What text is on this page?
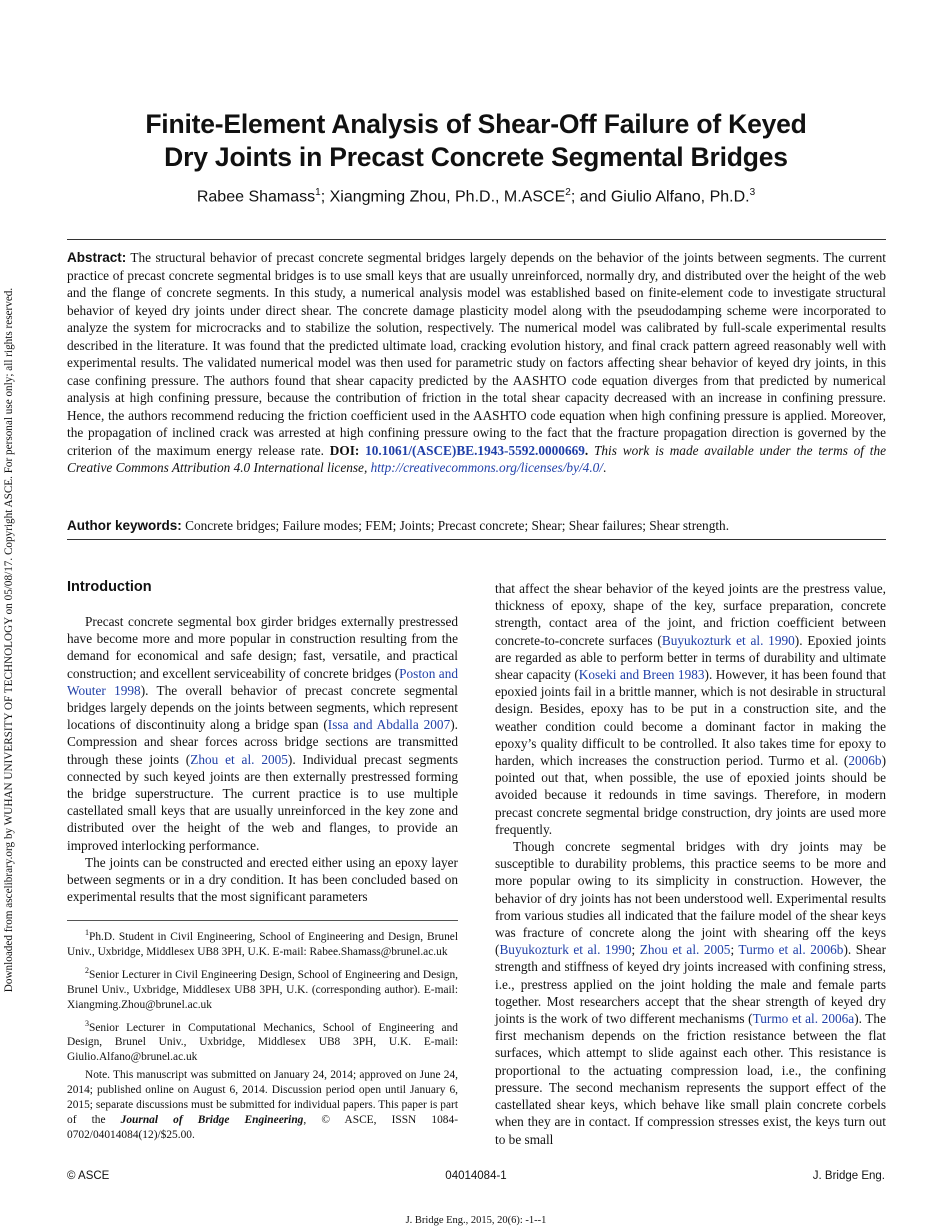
Finite-Element Analysis of Shear-Off Failure of Keyed
Dry Joints in Precast Concrete Segmental Bridges
Rabee Shamass$^1$; Xiangming Zhou, Ph.D., M.ASCE$^2$; and Giulio Alfano, Ph.D.$^3$
Abstract: The structural behavior of precast concrete segmental bridges largely depends on the behavior of the joints between segments. The current practice of precast concrete segmental bridges is to use small keys that are usually unreinforced, normally dry, and distributed over the height of the web and the flange of concrete segments. In this study, a numerical analysis model was established based on finite-element code to investigate structural behavior of keyed dry joints under direct shear. The concrete damage plasticity model along with the pseudodamping scheme were incorporated to analyze the system for microcracks and to stabilize the solution, respectively. The numerical model was calibrated by full-scale experimental results described in the literature. It was found that the predicted ultimate load, cracking evolution history, and final crack pattern agreed reasonably well with experimental results. The validated numerical model was then used for parametric study on factors affecting shear behavior of keyed dry joints, in this case confining pressure. The authors found that shear capacity predicted by the AASHTO code equation diverges from that predicted by numerical analysis at high confining pressure, because the contribution of friction in the total shear capacity decreased with an increase in confining pressure. Hence, the authors recommend reducing the friction coefficient used in the AASHTO code equation when high confining pressure is applied. Moreover, the propagation of inclined crack was arrested at high confining pressure owing to the fact that the fracture propagation direction is governed by the criterion of the maximum energy release rate. DOI: 10.1061/(ASCE)BE.1943-5592.0000669. This work is made available under the terms of the Creative Commons Attribution 4.0 International license, http://creativecommons.org/licenses/by/4.0/.
Author keywords: Concrete bridges; Failure modes; FEM; Joints; Precast concrete; Shear; Shear failures; Shear strength.
Downloaded from ascelibrary.org by WUHAN UNIVERSITY OF TECHNOLOGY on 05/08/17. Copyright ASCE. For personal use only; all rights reserved.	Introduction

Precast concrete segmental box girder bridges externally prestressed have become more and more popular in construction resulting from the demand for economical and safe design; fast, versatile, and practical construction; and excellent serviceability of concrete bridges (Poston and Wouter 1998). The overall behavior of precast concrete segmental bridges largely depends on the joints between segments, which represent locations of discontinuity along a bridge span (Issa and Abdalla 2007). Compression and shear forces across bridge sections are transmitted through these joints (Zhou et al. 2005). Individual precast segments connected by such keyed joints are then externally prestressed forming the bridge superstructure. The current practice is to use multiple castellated small keys that are usually unreinforced in the key zone and distributed over the height of the web and flanges, to provide an improved interlocking performance.

The joints can be constructed and erected either using an epoxy layer between segments or in a dry condition. It has been concluded based on experimental results that the most significant parameters

$^1$Ph.D. Student in Civil Engineering, School of Engineering and Design, Brunel Univ., Uxbridge, Middlesex UB8 3PH, U.K. E-mail: Rabee.Shamass@brunel.ac.uk

$^2$Senior Lecturer in Civil Engineering Design, School of Engineering and Design, Brunel Univ., Uxbridge, Middlesex UB8 3PH, U.K. (corresponding author). E-mail: Xiangming.Zhou@brunel.ac.uk

$^3$Senior Lecturer in Computational Mechanics, School of Engineering and Design, Brunel Univ., Uxbridge, Middlesex UB8 3PH, U.K. E-mail: Giulio.Alfano@brunel.ac.uk

Note. This manuscript was submitted on January 24, 2014; approved on June 24, 2014; published online on August 6, 2014. Discussion period open until January 6, 2015; separate discussions must be submitted for individual papers. This paper is part of the Journal of Bridge Engineering, © ASCE, ISSN 1084-0702/04014084(12)/$25.00.

that affect the shear behavior of the keyed joints are the prestress value, thickness of epoxy, shape of the key, surface preparation, concrete strength, contact area of the joint, and friction coefficient between concrete-to-concrete surfaces (Buyukozturk et al. 1990). Epoxied joints are regarded as able to perform better in terms of durability and ultimate shear capacity (Koseki and Breen 1983). However, it has been found that epoxied joints fail in a brittle manner, which is not desirable in structural design. Besides, epoxy has to be put in a construction site, and the weather condition could become a dominant factor in making the epoxy’s quality difficult to be controlled. It also takes time for epoxy to harden, which increases the construction period. Turmo et al. (2006b) pointed out that, when possible, the use of epoxied joints should be avoided because it redounds in time savings. Therefore, in modern precast concrete segmental bridge construction, dry joints are used more frequently.

Though concrete segmental bridges with dry joints may be susceptible to durability problems, this practice seems to be more and more popular owing to its simplicity in construction. However, the behavior of dry joints has not been understood well. Experimental results from various studies all indicated that the failure model of the shear keys was fracture of concrete along the joint with shearing off the keys (Buyukozturk et al. 1990; Zhou et al. 2005; Turmo et al. 2006b). Shear strength and stiffness of keyed dry joints increased with confining stress, i.e., prestress applied on the joint holding the male and female parts together. Most researchers accept that the shear strength of keyed dry joints is the work of two different mechanisms (Turmo et al. 2006a). The first mechanism depends on the friction resistance between the flat surfaces, which attempt to slide against each other. This resistance is proportional to the actuating compression load, i.e., the confining pressure. The second mechanism represents the support effect of the castellated shear keys, which behave like small plain concrete corbels when they are in contact. If compression stresses exist, the keys turn out to be small

© ASCE	04014084-1	J. Bridge Eng.
J. Bridge Eng., 2015, 20(6): -1--1
